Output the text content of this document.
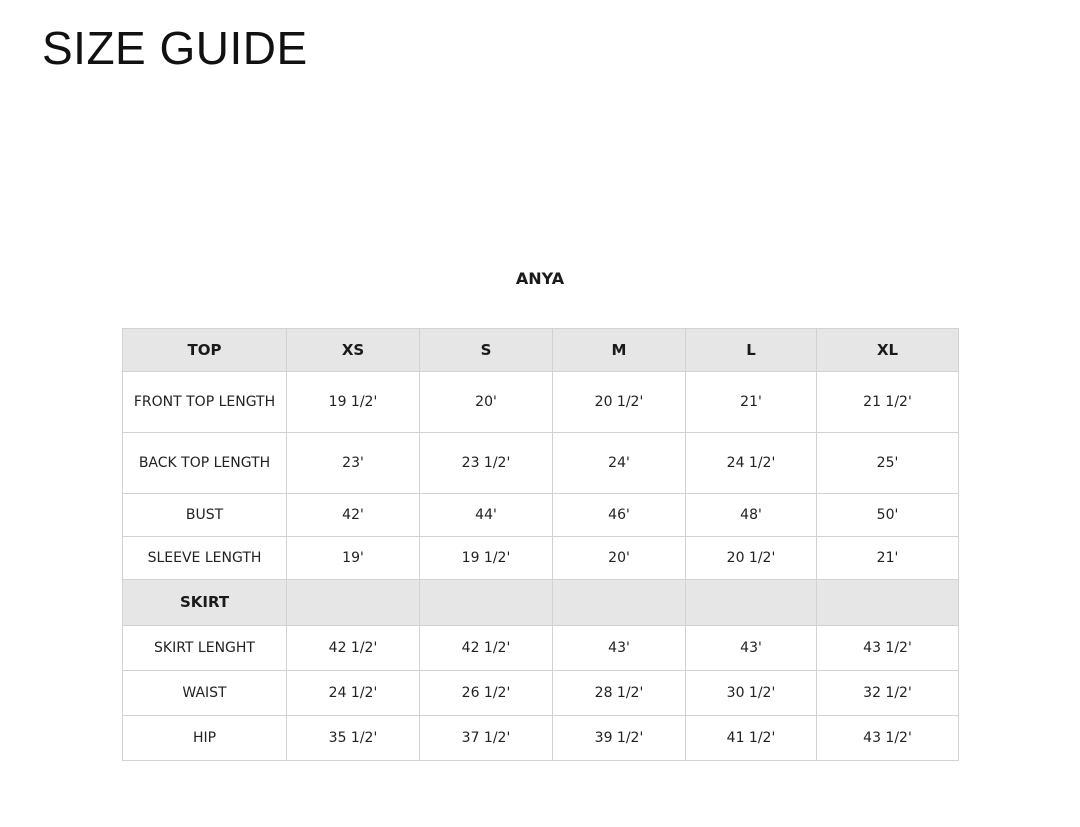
SIZE GUIDE
ANYA
TOP	XS	S	M	L	XL
FRONT TOP LENGTH	19 1/2'	20'	20 1/2'	21'	21 1/2'
BACK TOP LENGTH	23'	23 1/2'	24'	24 1/2'	25'
BUST	42'	44'	46'	48'	50'
SLEEVE LENGTH	19'	19 1/2'	20'	20 1/2'	21'
SKIRT					
SKIRT LENGHT	42 1/2'	42 1/2'	43'	43'	43 1/2'
WAIST	24 1/2'	26 1/2'	28 1/2'	30 1/2'	32 1/2'
HIP	35 1/2'	37 1/2'	39 1/2'	41 1/2'	43 1/2'
